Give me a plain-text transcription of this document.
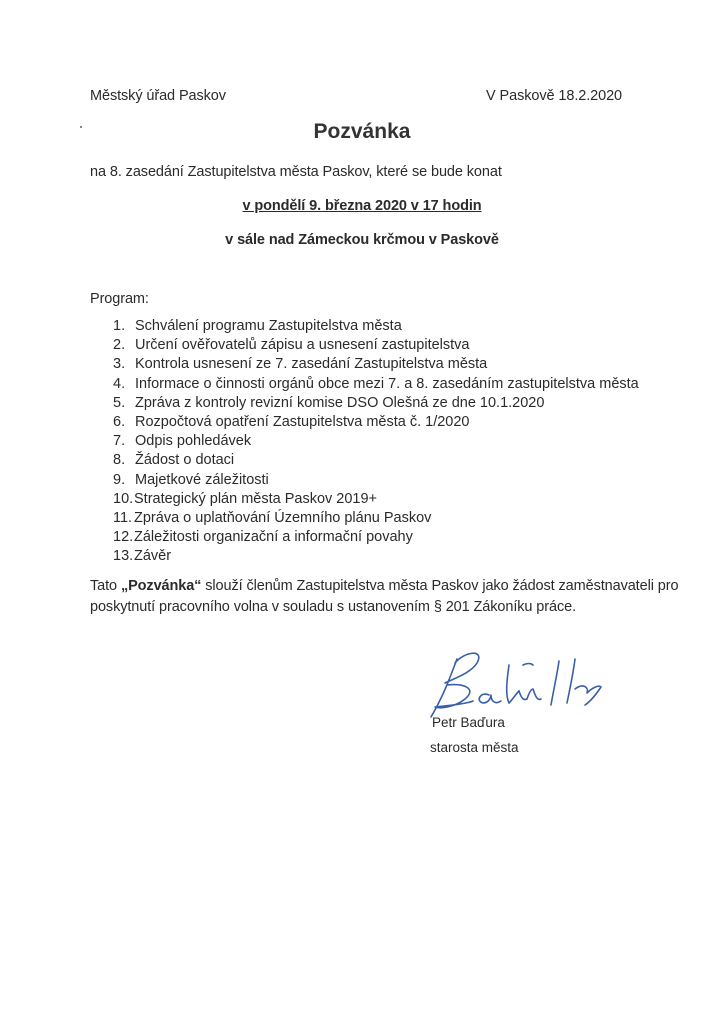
Městský úřad Paskov	V Paskově 18.2.2020
Pozvánka
na 8. zasedání Zastupitelstva města Paskov, které se bude konat
v pondělí 9. března 2020 v 17 hodin
v sále nad Zámeckou krčmou v Paskově
Program:
1. Schválení programu Zastupitelstva města
2. Určení ověřovatelů zápisu a usnesení zastupitelstva
3. Kontrola usnesení ze 7. zasedání Zastupitelstva města
4. Informace o činnosti orgánů obce mezi 7. a 8. zasedáním zastupitelstva města
5. Zpráva z kontroly revizní komise DSO Olešná ze dne 10.1.2020
6. Rozpočtová opatření Zastupitelstva města č. 1/2020
7. Odpis pohledávek
8. Žádost o dotaci
9. Majetkové záležitosti
10. Strategický plán města Paskov 2019+
11. Zpráva o uplatňování Územního plánu Paskov
12. Záležitosti organizační a informační povahy
13. Závěr
Tato „Pozvánka“ slouží členům Zastupitelstva města Paskov jako žádost zaměstnavateli pro
poskytnutí pracovního volna v souladu s ustanovením § 201 Zákoníku práce.
Petr Baďura
starosta města
